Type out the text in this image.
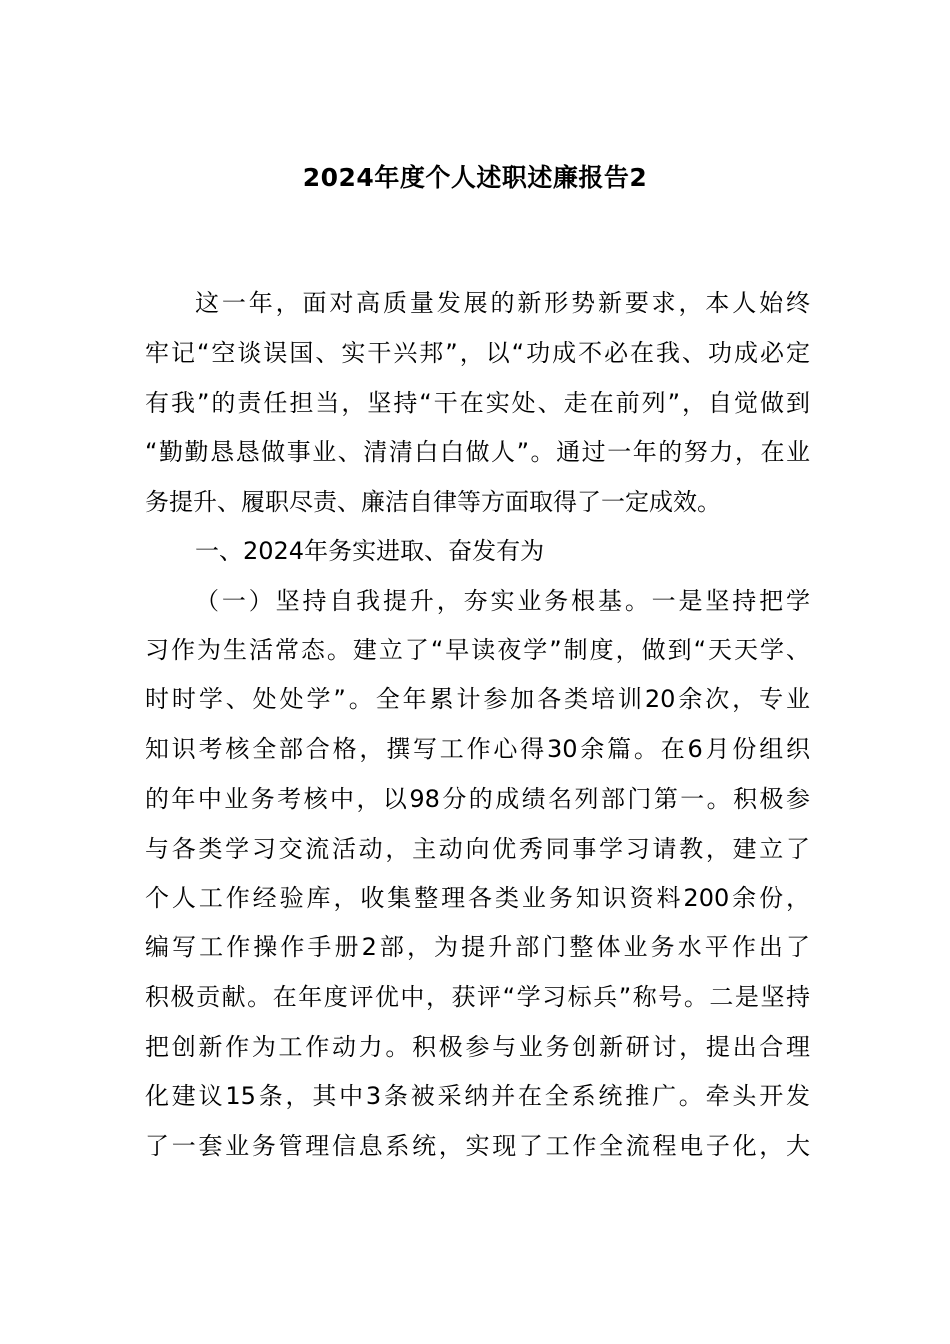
2024年度个人述职述廉报告2
这一年，面对高质量发展的新形势新要求，本人始终
牢记“空谈误国、实干兴邦”，以“功成不必在我、功成必定
有我”的责任担当，坚持“干在实处、走在前列”，自觉做到
“勤勤恳恳做事业、清清白白做人”。通过一年的努力，在业
务提升、履职尽责、廉洁自律等方面取得了一定成效。
一、2024年务实进取、奋发有为
（一）坚持自我提升，夯实业务根基。一是坚持把学
习作为生活常态。建立了“早读夜学”制度，做到“天天学、
时时学、处处学”。全年累计参加各类培训20余次，专业
知识考核全部合格，撰写工作心得30余篇。在6月份组织
的年中业务考核中，以98分的成绩名列部门第一。积极参
与各类学习交流活动，主动向优秀同事学习请教，建立了
个人工作经验库，收集整理各类业务知识资料200余份，
编写工作操作手册2部，为提升部门整体业务水平作出了
积极贡献。在年度评优中，获评“学习标兵”称号。二是坚持
把创新作为工作动力。积极参与业务创新研讨，提出合理
化建议15条，其中3条被采纳并在全系统推广。牵头开发
了一套业务管理信息系统，实现了工作全流程电子化，大
